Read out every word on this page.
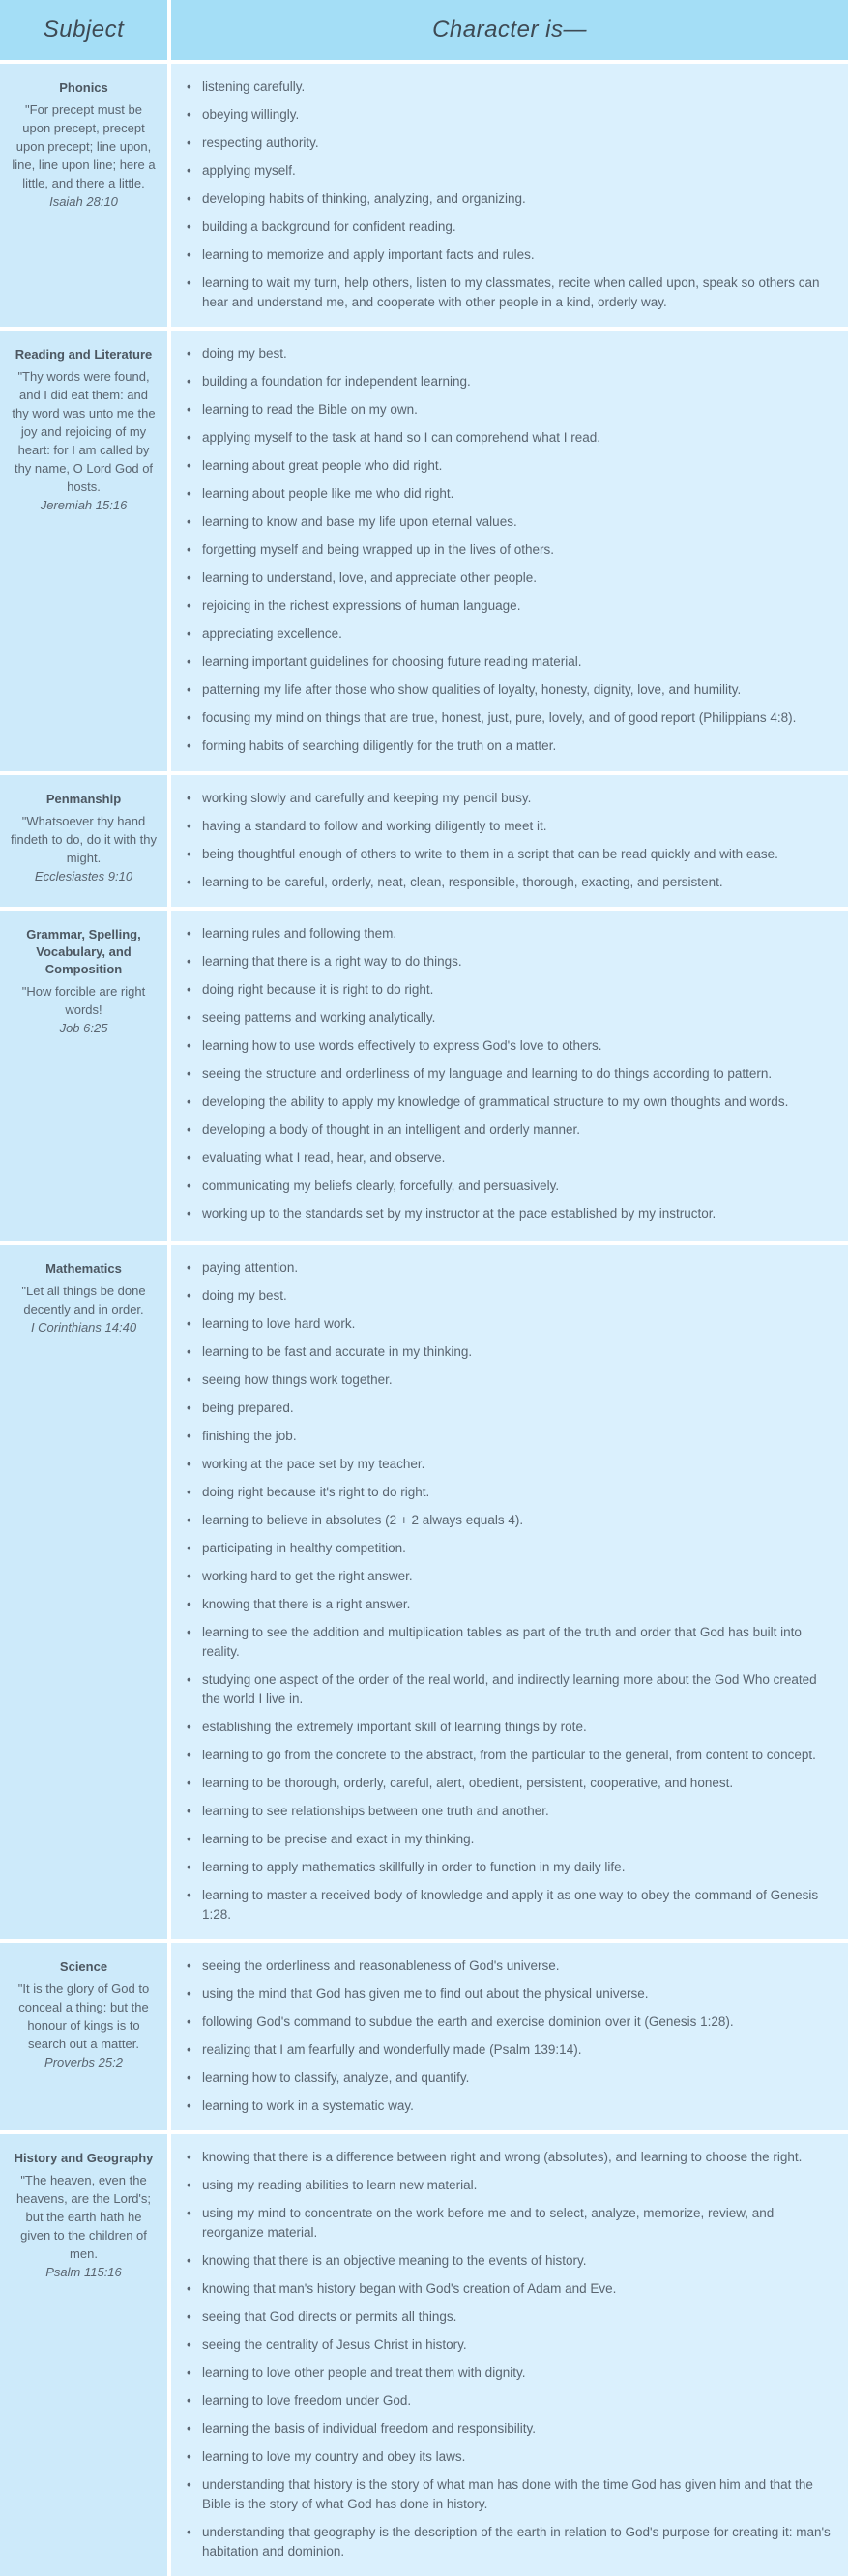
Subject	Character is—
Phonics
"For precept must be upon precept, precept upon precept; line upon, line, line upon line; here a little, and there a little.
Isaiah 28:10
• listening carefully.
• obeying willingly.
• respecting authority.
• applying myself.
• developing habits of thinking, analyzing, and organizing.
• building a background for confident reading.
• learning to memorize and apply important facts and rules.
• learning to wait my turn, help others, listen to my classmates, recite when called upon, speak so others can hear and understand me, and cooperate with other people in a kind, orderly way.
Reading and Literature
"Thy words were found, and I did eat them: and thy word was unto me the joy and rejoicing of my heart: for I am called by thy name, O Lord God of hosts.
Jeremiah 15:16
• doing my best.
• building a foundation for independent learning.
• learning to read the Bible on my own.
• applying myself to the task at hand so I can comprehend what I read.
• learning about great people who did right.
• learning about people like me who did right.
• learning to know and base my life upon eternal values.
• forgetting myself and being wrapped up in the lives of others.
• learning to understand, love, and appreciate other people.
• rejoicing in the richest expressions of human language.
• appreciating excellence.
• learning important guidelines for choosing future reading material.
• patterning my life after those who show qualities of loyalty, honesty, dignity, love, and humility.
• focusing my mind on things that are true, honest, just, pure, lovely, and of good report (Philippians 4:8).
• forming habits of searching diligently for the truth on a matter.
Penmanship
"Whatsoever thy hand findeth to do, do it with thy might.
Ecclesiastes 9:10
• working slowly and carefully and keeping my pencil busy.
• having a standard to follow and working diligently to meet it.
• being thoughtful enough of others to write to them in a script that can be read quickly and with ease.
• learning to be careful, orderly, neat, clean, responsible, thorough, exacting, and persistent.
Grammar, Spelling, Vocabulary, and Composition
"How forcible are right words!
Job 6:25
• learning rules and following them.
• learning that there is a right way to do things.
• doing right because it is right to do right.
• seeing patterns and working analytically.
• learning how to use words effectively to express God's love to others.
• seeing the structure and orderliness of my language and learning to do things according to pattern.
• developing the ability to apply my knowledge of grammatical structure to my own thoughts and words.
• developing a body of thought in an intelligent and orderly manner.
• evaluating what I read, hear, and observe.
• communicating my beliefs clearly, forcefully, and persuasively.
• working up to the standards set by my instructor at the pace established by my instructor.
Mathematics
"Let all things be done decently and in order.
I Corinthians 14:40
• paying attention.
• doing my best.
• learning to love hard work.
• learning to be fast and accurate in my thinking.
• seeing how things work together.
• being prepared.
• finishing the job.
• working at the pace set by my teacher.
• doing right because it's right to do right.
• learning to believe in absolutes (2 + 2 always equals 4).
• participating in healthy competition.
• working hard to get the right answer.
• knowing that there is a right answer.
• learning to see the addition and multiplication tables as part of the truth and order that God has built into reality.
• studying one aspect of the order of the real world, and indirectly learning more about the God Who created the world I live in.
• establishing the extremely important skill of learning things by rote.
• learning to go from the concrete to the abstract, from the particular to the general, from content to concept.
• learning to be thorough, orderly, careful, alert, obedient, persistent, cooperative, and honest.
• learning to see relationships between one truth and another.
• learning to be precise and exact in my thinking.
• learning to apply mathematics skillfully in order to function in my daily life.
• learning to master a received body of knowledge and apply it as one way to obey the command of Genesis 1:28.
Science
"It is the glory of God to conceal a thing: but the honour of kings is to search out a matter.
Proverbs 25:2
• seeing the orderliness and reasonableness of God's universe.
• using the mind that God has given me to find out about the physical universe.
• following God's command to subdue the earth and exercise dominion over it (Genesis 1:28).
• realizing that I am fearfully and wonderfully made (Psalm 139:14).
• learning how to classify, analyze, and quantify.
• learning to work in a systematic way.
History and Geography
"The heaven, even the heavens, are the Lord's; but the earth hath he given to the children of men.
Psalm 115:16
• knowing that there is a difference between right and wrong (absolutes), and learning to choose the right.
• using my reading abilities to learn new material.
• using my mind to concentrate on the work before me and to select, analyze, memorize, review, and reorganize material.
• knowing that there is an objective meaning to the events of history.
• knowing that man's history began with God's creation of Adam and Eve.
• seeing that God directs or permits all things.
• seeing the centrality of Jesus Christ in history.
• learning to love other people and treat them with dignity.
• learning to love freedom under God.
• learning the basis of individual freedom and responsibility.
• learning to love my country and obey its laws.
• understanding that history is the story of what man has done with the time God has given him and that the Bible is the story of what God has done in history.
• understanding that geography is the description of the earth in relation to God's purpose for creating it: man's habitation and dominion.
